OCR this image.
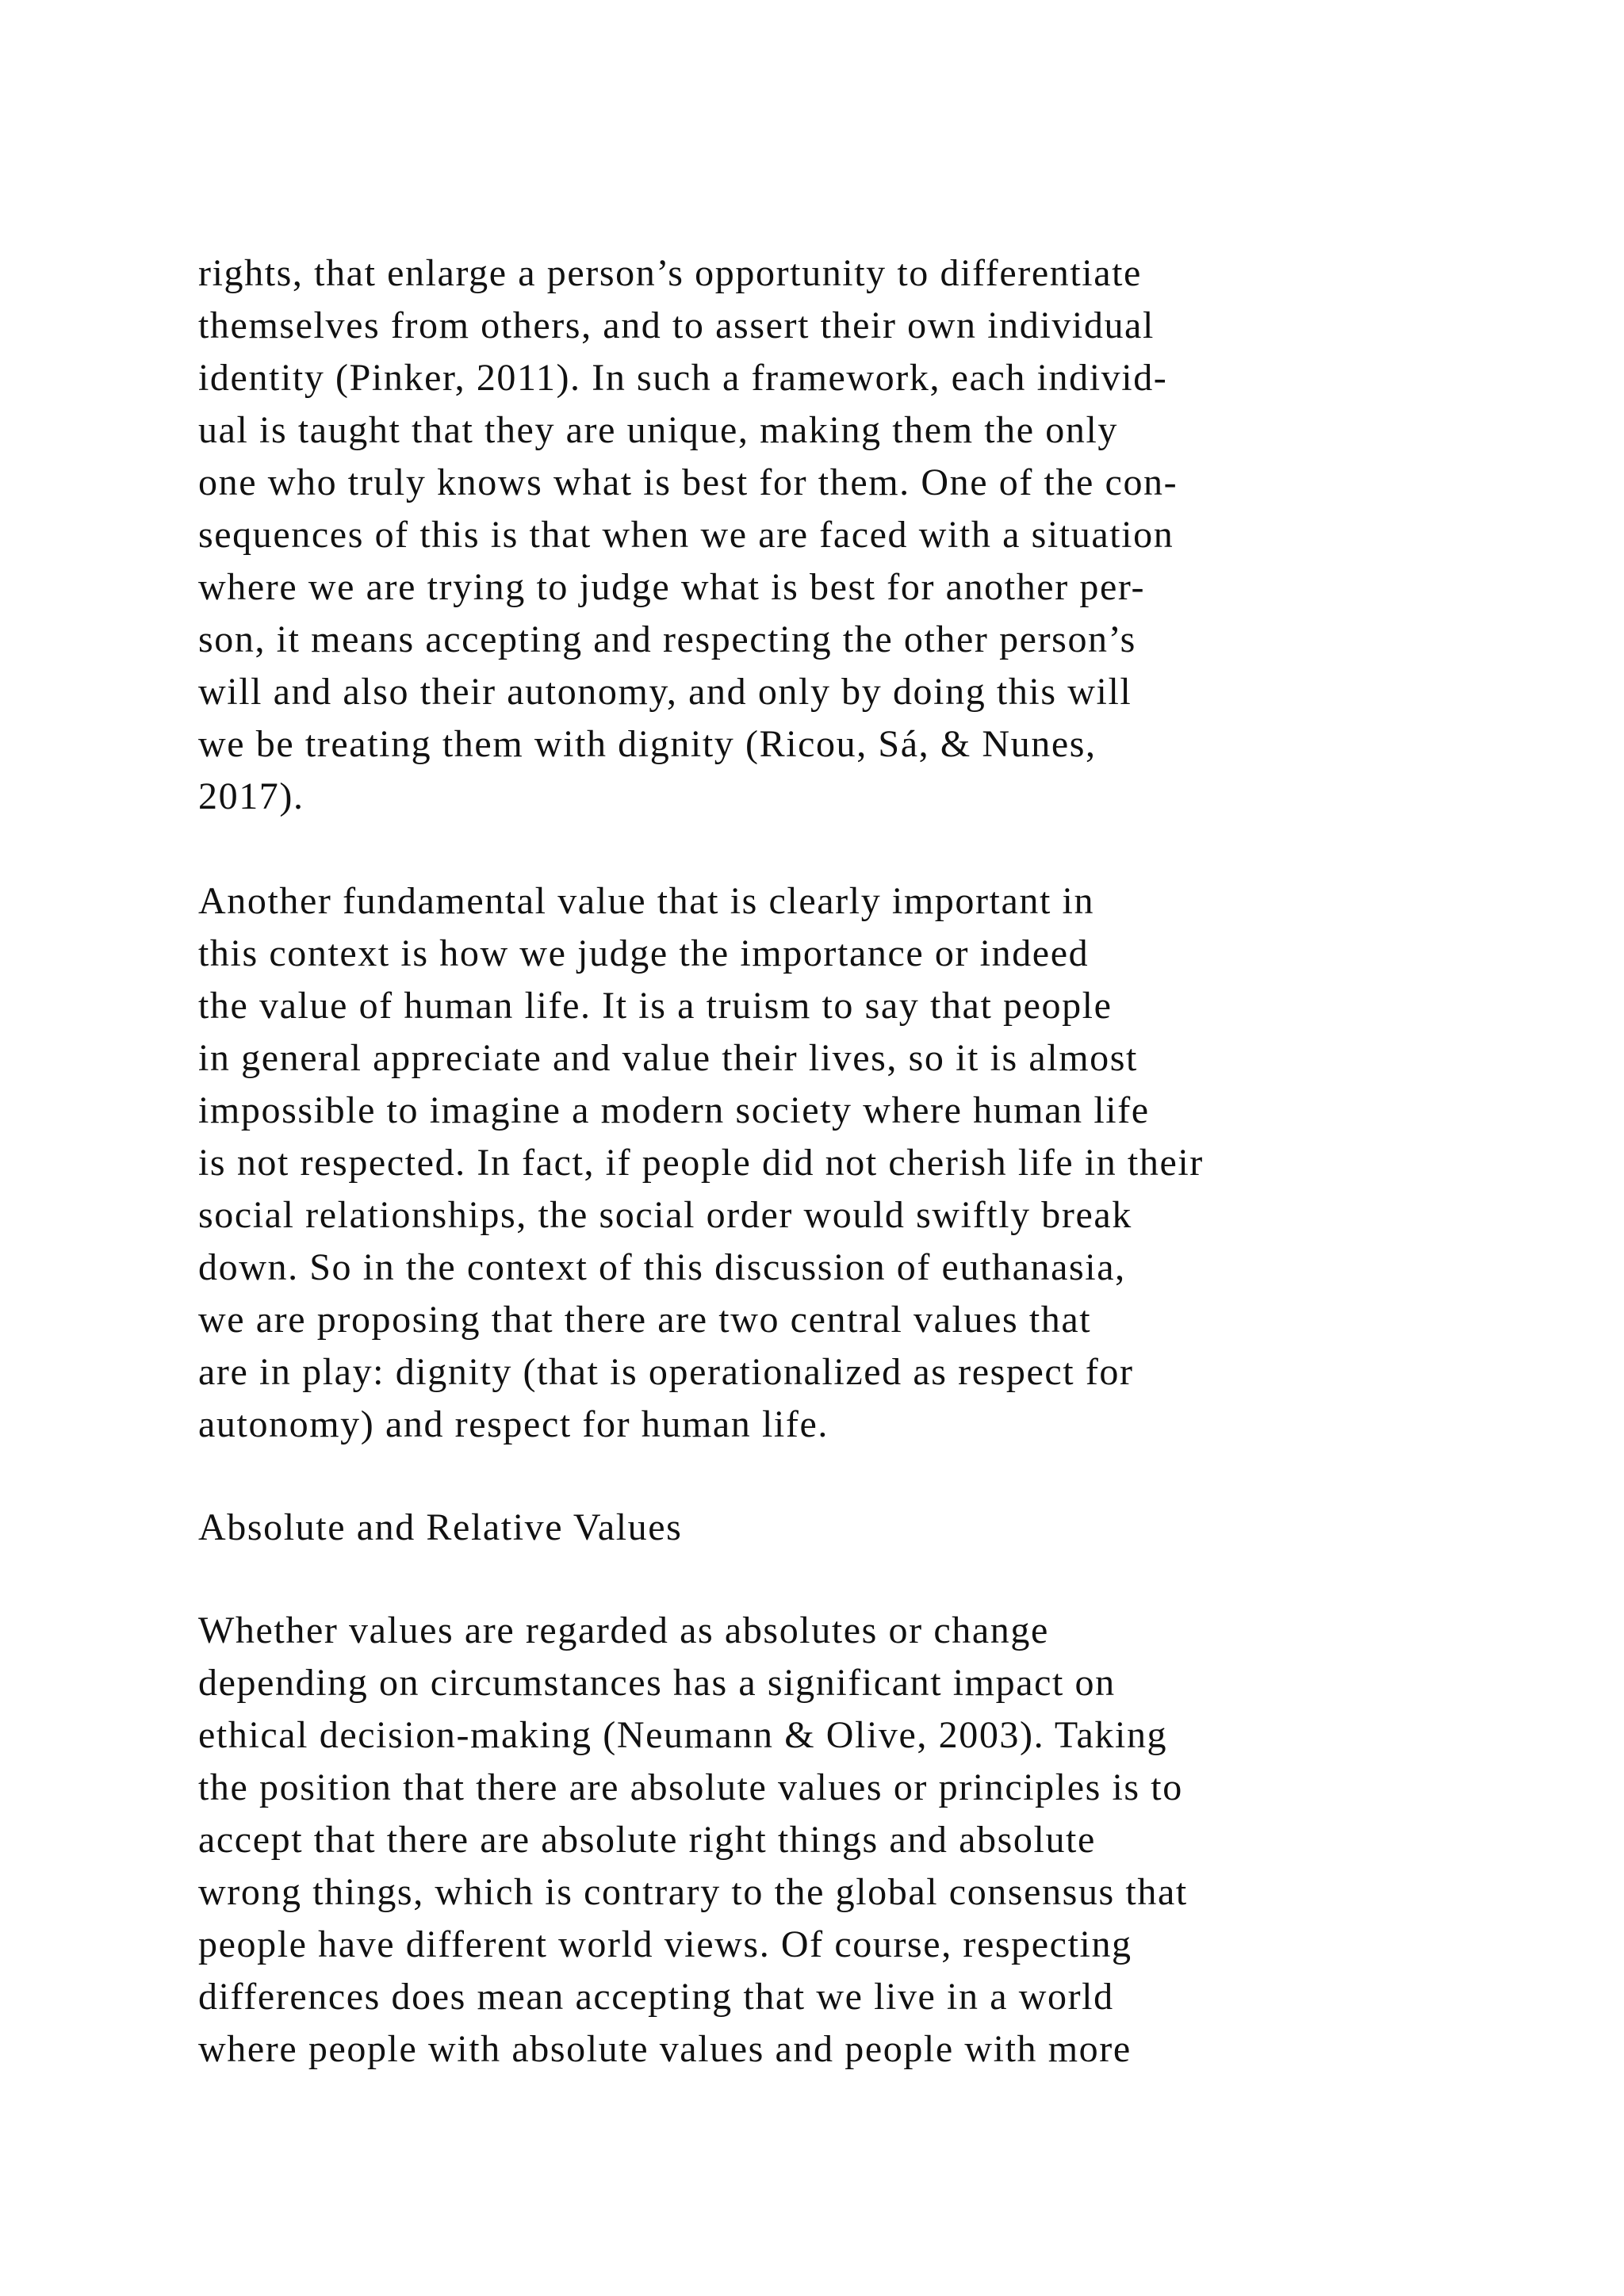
rights, that enlarge a person’s opportunity to differentiate
themselves from others, and to assert their own individual
identity (Pinker, 2011). In such a framework, each individ-
ual is taught that they are unique, making them the only
one who truly knows what is best for them. One of the con-
sequences of this is that when we are faced with a situation
where we are trying to judge what is best for another per-
son, it means accepting and respecting the other person’s
will and also their autonomy, and only by doing this will
we be treating them with dignity (Ricou, Sá, & Nunes,
2017).
Another fundamental value that is clearly important in
this context is how we judge the importance or indeed
the value of human life. It is a truism to say that people
in general appreciate and value their lives, so it is almost
impossible to imagine a modern society where human life
is not respected. In fact, if people did not cherish life in their
social relationships, the social order would swiftly break
down. So in the context of this discussion of euthanasia,
we are proposing that there are two central values that
are in play: dignity (that is operationalized as respect for
autonomy) and respect for human life.
Absolute and Relative Values
Whether values are regarded as absolutes or change
depending on circumstances has a significant impact on
ethical decision-making (Neumann & Olive, 2003). Taking
the position that there are absolute values or principles is to
accept that there are absolute right things and absolute
wrong things, which is contrary to the global consensus that
people have different world views. Of course, respecting
differences does mean accepting that we live in a world
where people with absolute values and people with more
